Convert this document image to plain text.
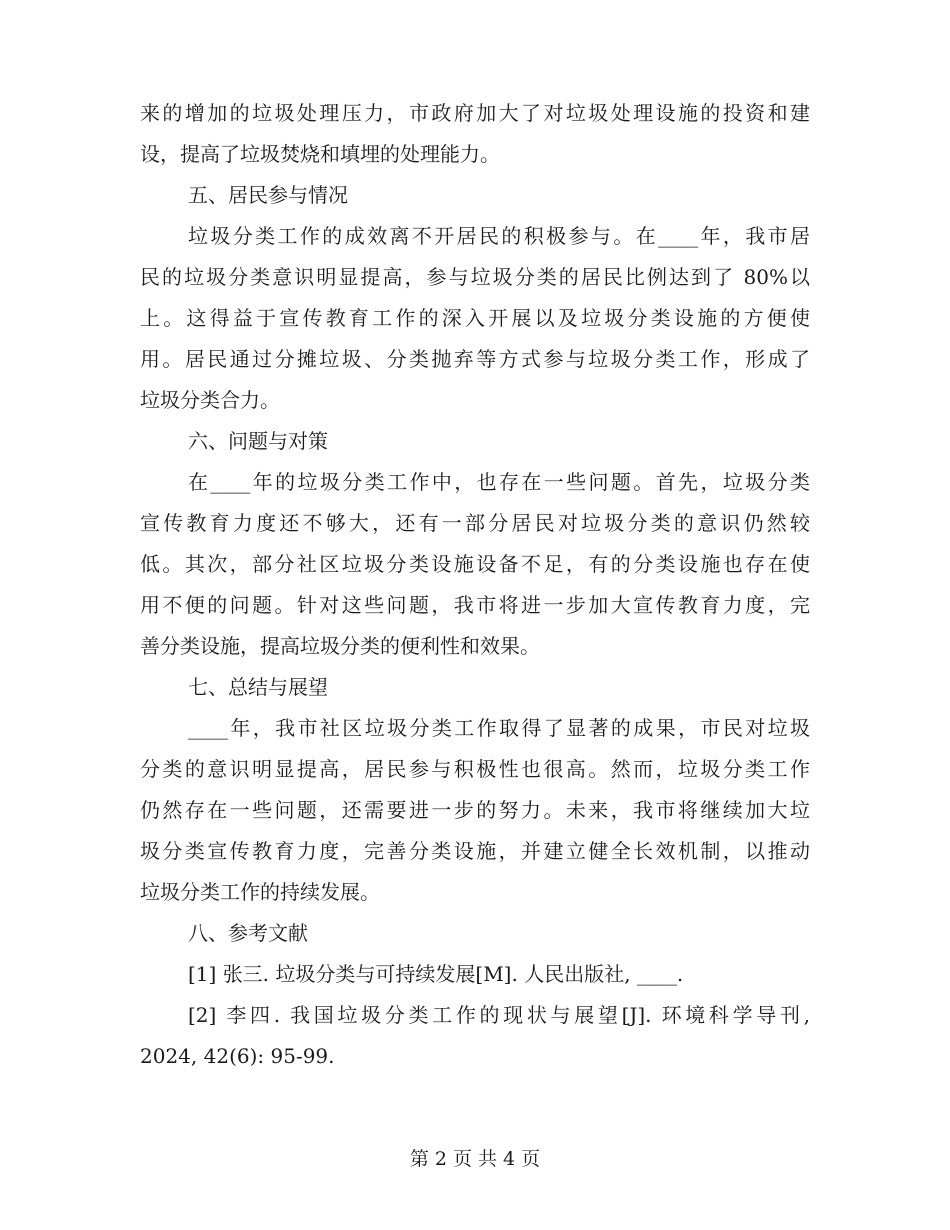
来的增加的垃圾处理压力，市政府加大了对垃圾处理设施的投资和建
设，提高了垃圾焚烧和填埋的处理能力。
五、居民参与情况
垃圾分类工作的成效离不开居民的积极参与。在____年，我市居
民的垃圾分类意识明显提高，参与垃圾分类的居民比例达到了 80%以
上。这得益于宣传教育工作的深入开展以及垃圾分类设施的方便使
用。居民通过分摊垃圾、分类抛弃等方式参与垃圾分类工作，形成了
垃圾分类合力。
六、问题与对策
在____年的垃圾分类工作中，也存在一些问题。首先，垃圾分类
宣传教育力度还不够大，还有一部分居民对垃圾分类的意识仍然较
低。其次，部分社区垃圾分类设施设备不足，有的分类设施也存在使
用不便的问题。针对这些问题，我市将进一步加大宣传教育力度，完
善分类设施，提高垃圾分类的便利性和效果。
七、总结与展望
____年，我市社区垃圾分类工作取得了显著的成果，市民对垃圾
分类的意识明显提高，居民参与积极性也很高。然而，垃圾分类工作
仍然存在一些问题，还需要进一步的努力。未来，我市将继续加大垃
圾分类宣传教育力度，完善分类设施，并建立健全长效机制，以推动
垃圾分类工作的持续发展。
八、参考文献
[1] 张三. 垃圾分类与可持续发展[M]. 人民出版社, ____.
[2] 李四. 我国垃圾分类工作的现状与展望[J]. 环境科学导刊,
2024, 42(6): 95-99.
第 2 页 共 4 页
